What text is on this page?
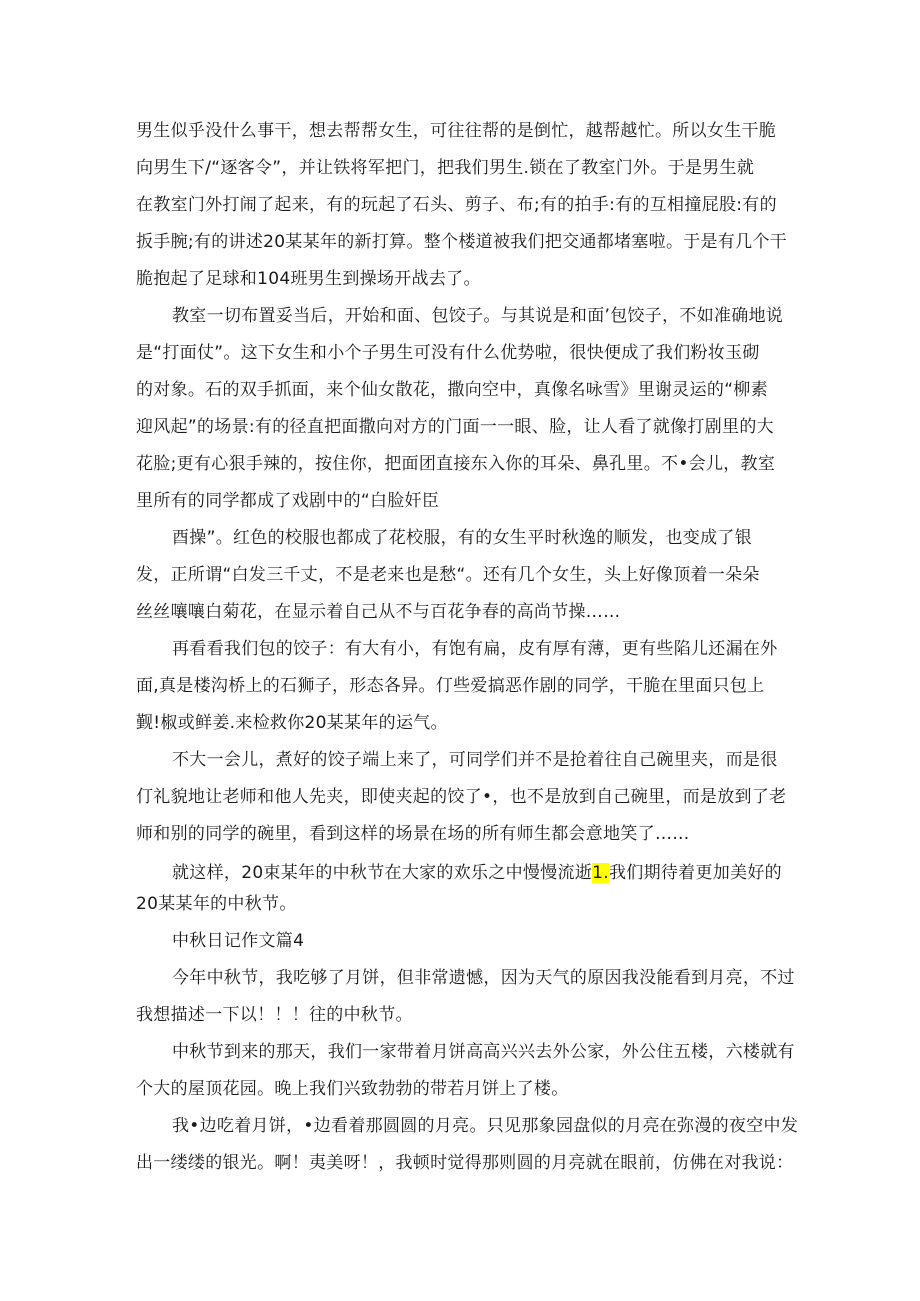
男生似乎没什么事干，想去帮帮女生，可往往帮的是倒忙，越帮越忙。所以女生干脆
向男生下/“逐客令”，并让铁将军把门，把我们男生.锁在了教室门外。于是男生就
在教室门外打闹了起来，有的玩起了石头、剪子、布;有的拍手:有的互相撞屁股:有的
扳手腕;有的讲述20某某年的新打算。整个楼道被我们把交通都堵塞啦。于是有几个干
脆抱起了足球和104班男生到操场开战去了。
教室一切布置妥当后，开始和面、包饺子。与其说是和面’包饺子，不如准确地说
是“打面仗”。这下女生和小个子男生可没有什么优势啦，很快便成了我们粉妆玉砌
的对象。石的双手抓面，来个仙女散花，撒向空中，真像名咏雪》里谢灵运的“柳素
迎风起”的场景:有的径直把面撒向对方的门面一一眼、脸，让人看了就像打剧里的大
花脸;更有心狠手辣的，按住你，把面团直接东入你的耳朵、鼻孔里。不•会儿，教室
里所有的同学都成了戏剧中的“白脸奸臣
酉操”。红色的校服也都成了花校服，有的女生平时秋逸的顺发，也变成了银
发，正所谓“白发三千丈，不是老来也是愁“。还有几个女生，头上好像顶着一朵朵
丝丝嚷嚷白菊花，在显示着自己从不与百花争春的高尚节操……
再看看我们包的饺子：有大有小，有饱有扁，皮有厚有薄，更有些陷儿还漏在外
面,真是楼沟桥上的石狮子，形态各异。仃些爱搞恶作剧的同学，干脆在里面只包上
觐!椒或鲜姜.来检救你20某某年的运气。
不大一会儿，煮好的饺子端上来了，可同学们并不是抢着往自己碗里夹，而是很
仃礼貌地让老师和他人先夹，即使夹起的饺了•，也不是放到自己碗里，而是放到了老
师和别的同学的碗里，看到这样的场景在场的所有师生都会意地笑了……
就这样，20束某年的中秋节在大家的欢乐之中慢慢流逝1.我们期待着更加美好的
20某某年的中秋节。
中秋日记作文篇4
今年中秋节，我吃够了月饼，但非常遗憾，因为天气的原因我没能看到月亮，不过
我想描述一下以！！！往的中秋节。
中秋节到来的那天，我们一家带着月饼高高兴兴去外公家，外公住五楼，六楼就有
个大的屋顶花园。晚上我们兴致勃勃的带若月饼上了楼。
我•边吃着月饼，•边看着那圆圆的月亮。只见那象园盘似的月亮在弥漫的夜空中发
出一缕缕的银光。啊！夷美呀！，我顿时觉得那则圆的月亮就在眼前，仿佛在对我说：
